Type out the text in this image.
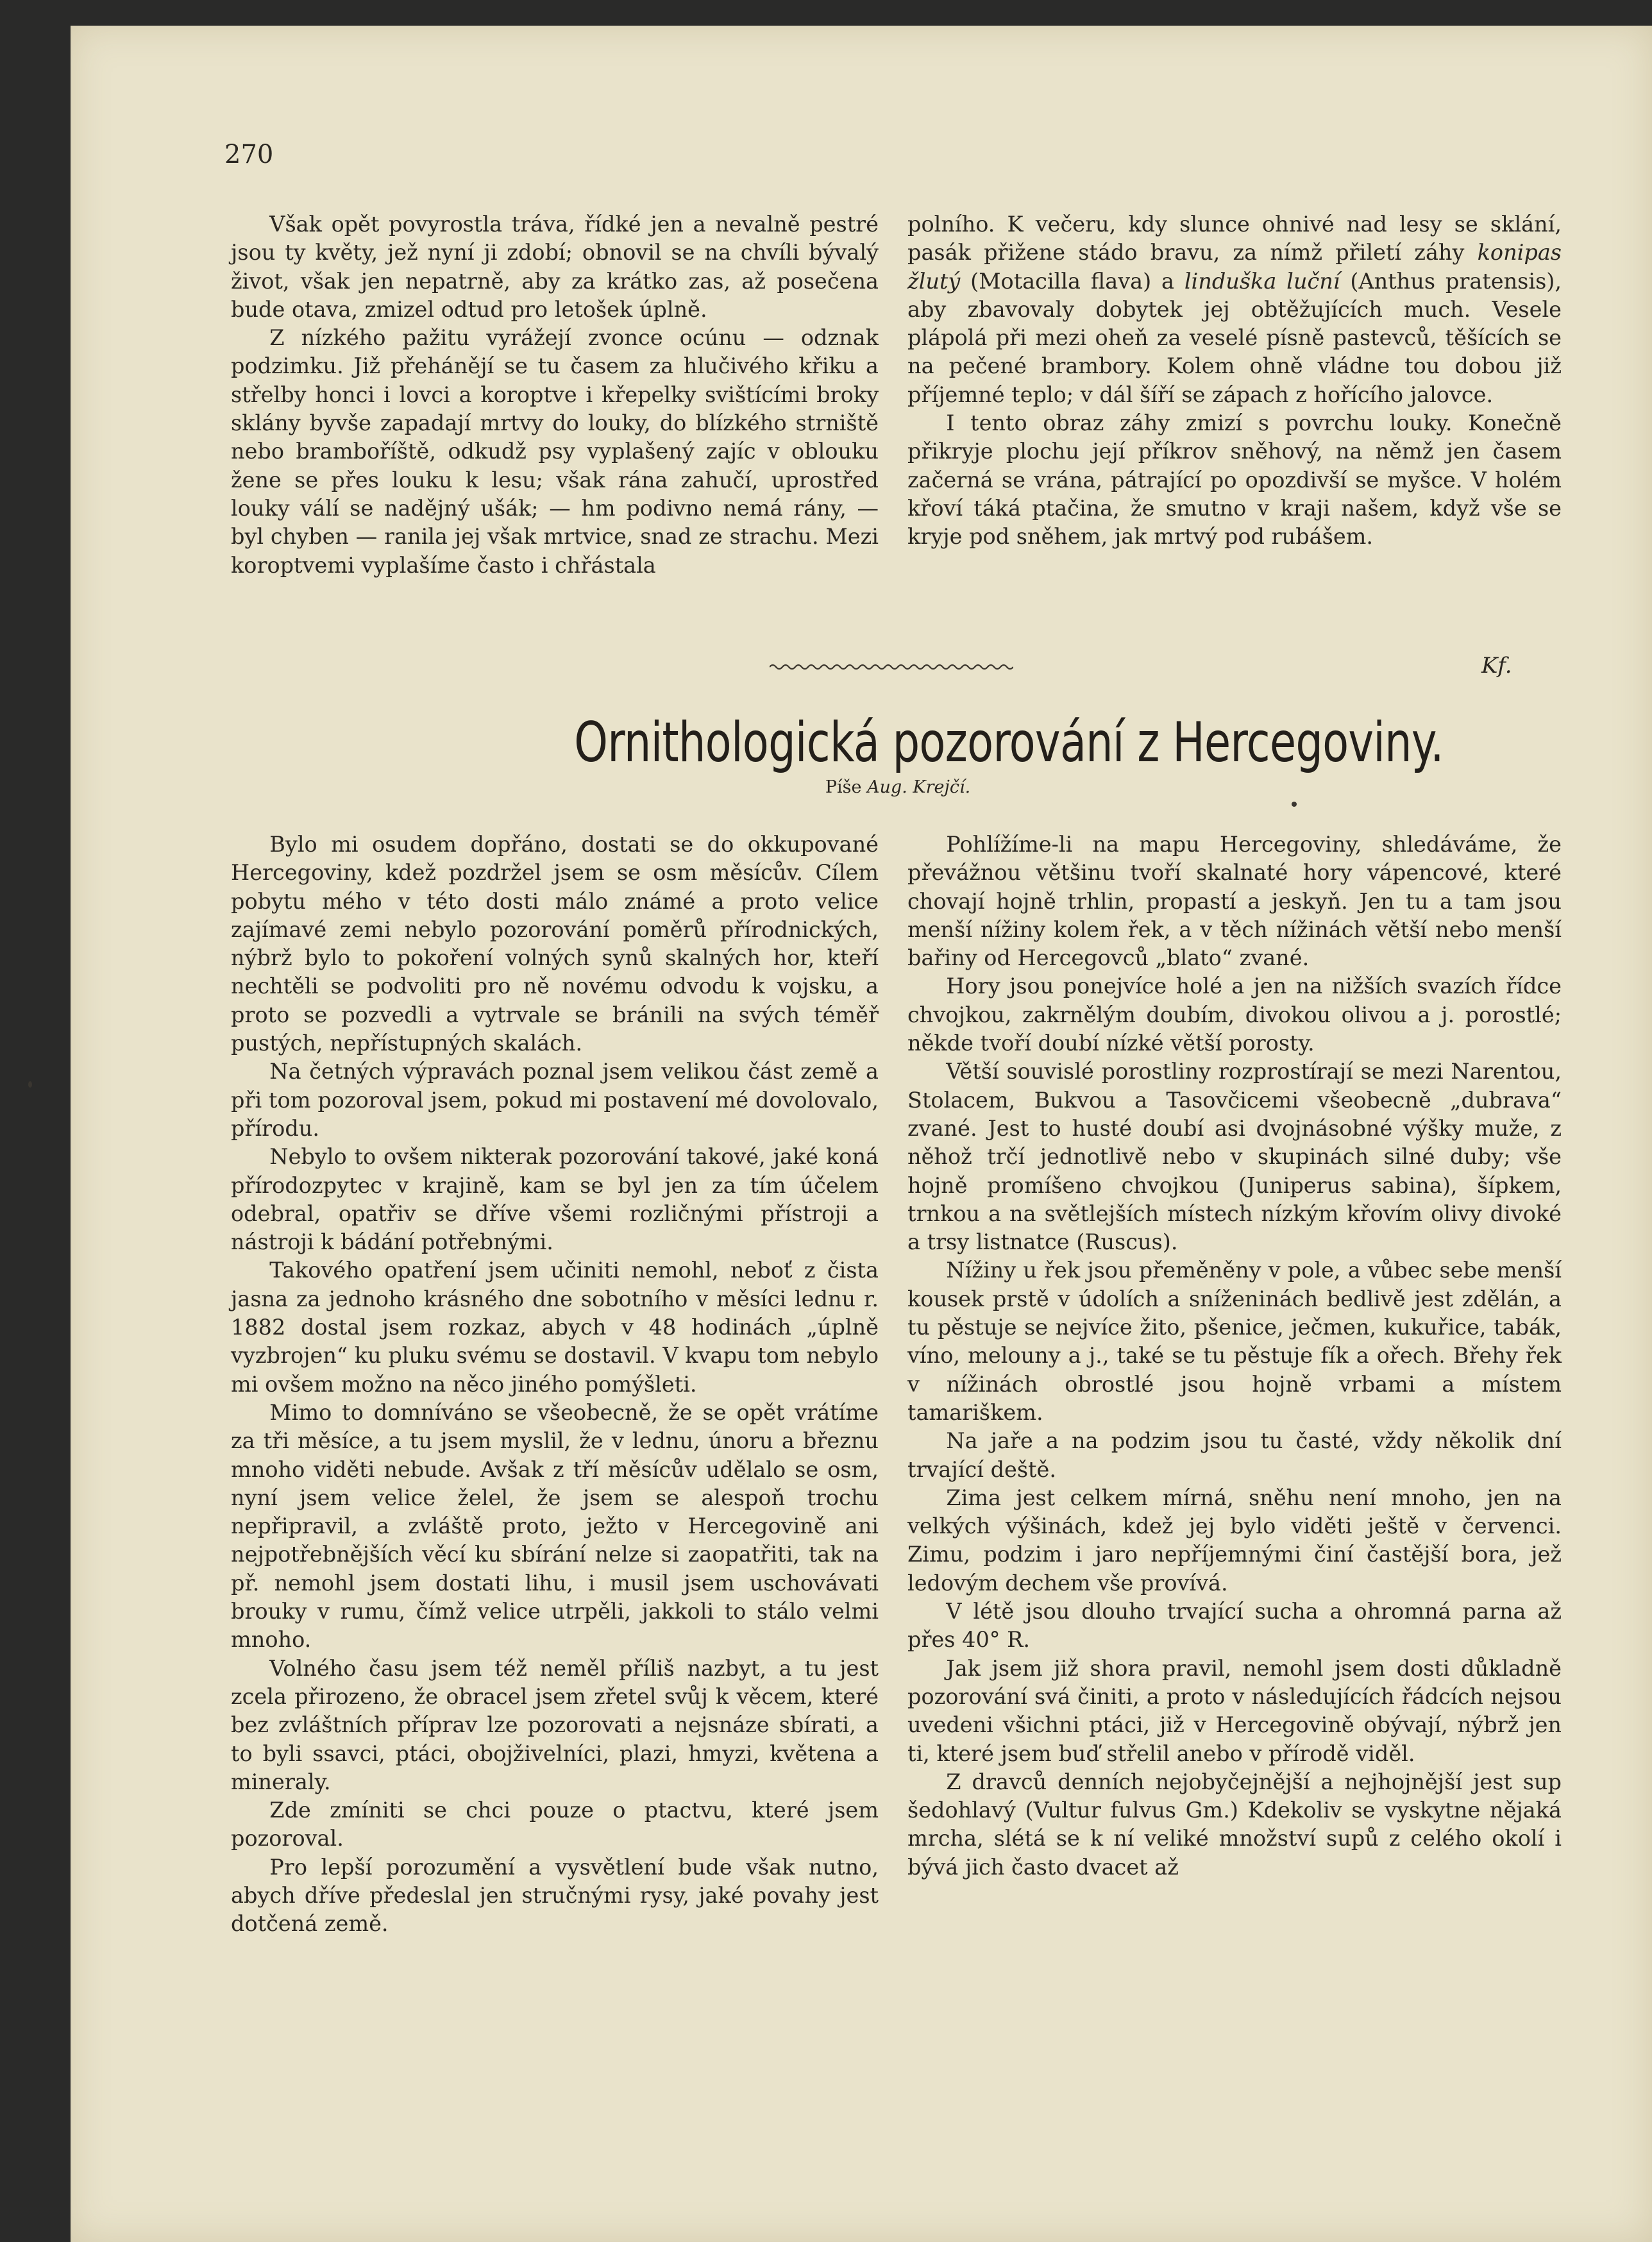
270

Však opět povyrostla tráva, řídké jen a nevalně pestré jsou ty květy, jež nyní ji zdobí; obnovil se na chvíli bývalý život, však jen nepatrně, aby za krátko zas, až posečena bude otava, zmizel odtud pro letošek úplně.

Z nízkého pažitu vyrážejí zvonce ocúnu — odznak podzimku. Již přehánějí se tu časem za hlučivého křiku a střelby honci i lovci a koroptve i křepelky svištícími broky sklány byvše zapadají mrtvy do louky, do blízkého strniště nebo bramboříště, odkudž psy vyplašený zajíc v oblouku žene se přes louku k lesu; však rána zahučí, uprostřed louky válí se nadějný ušák; — hm podivno nemá rány, — byl chyben — ranila jej však mrtvice, snad ze strachu. Mezi koroptvemi vyplašíme často i chřástala

polního. K večeru, kdy slunce ohnivé nad lesy se sklání, pasák přižene stádo bravu, za nímž přiletí záhy konipas žlutý (Motacilla flava) a linduška luční (Anthus pratensis), aby zbavovaly dobytek jej obtěžujících much. Vesele plápolá při mezi oheň za veselé písně pastevců, těšících se na pečené brambory. Kolem ohně vládne tou dobou již příjemné teplo; v dál šíří se zápach z hořícího jalovce.

I tento obraz záhy zmizí s povrchu louky. Konečně přikryje plochu její příkrov sněhový, na němž jen časem začerná se vrána, pátrající po opozdivší se myšce. V holém křoví táká ptačina, že smutno v kraji našem, když vše se kryje pod sněhem, jak mrtvý pod rubášem.

Kf.
Ornithologická pozorování z Hercegoviny.
Píše Aug. Krejčí.

Bylo mi osudem dopřáno, dostati se do okkupované Hercegoviny, kdež pozdržel jsem se osm měsícův. Cílem pobytu mého v této dosti málo známé a proto velice zajímavé zemi nebylo pozorování poměrů přírodnických, nýbrž bylo to pokoření volných synů skalných hor, kteří nechtěli se podvoliti pro ně novému odvodu k vojsku, a proto se pozvedli a vytrvale se bránili na svých téměř pustých, nepřístupných skalách.

Na četných výpravách poznal jsem velikou část země a při tom pozoroval jsem, pokud mi postavení mé dovolovalo, přírodu.

Nebylo to ovšem nikterak pozorování takové, jaké koná přírodozpytec v krajině, kam se byl jen za tím účelem odebral, opatřiv se dříve všemi rozličnými přístroji a nástroji k bádání potřebnými.

Takového opatření jsem učiniti nemohl, neboť z čista jasna za jednoho krásného dne sobotního v měsíci lednu r. 1882 dostal jsem rozkaz, abych v 48 hodinách „úplně vyzbrojen“ ku pluku svému se dostavil. V kvapu tom nebylo mi ovšem možno na něco jiného pomýšleti.

Mimo to domníváno se všeobecně, že se opět vrátíme za tři měsíce, a tu jsem myslil, že v lednu, únoru a březnu mnoho viděti nebude. Avšak z tří měsícův udělalo se osm, nyní jsem velice želel, že jsem se alespoň trochu nepřipravil, a zvláště proto, ježto v Hercegovině ani nejpotřebnějších věcí ku sbírání nelze si zaopatřiti, tak na př. nemohl jsem dostati lihu, i musil jsem uschovávati brouky v rumu, čímž velice utrpěli, jakkoli to stálo velmi mnoho.

Volného času jsem též neměl příliš nazbyt, a tu jest zcela přirozeno, že obracel jsem zřetel svůj k věcem, které bez zvláštních příprav lze pozorovati a nejsnáze sbírati, a to byli ssavci, ptáci, obojživelníci, plazi, hmyzi, květena a mineraly.

Zde zmíniti se chci pouze o ptactvu, které jsem pozoroval.

Pro lepší porozumění a vysvětlení bude však nutno, abych dříve předeslal jen stručnými rysy, jaké povahy jest dotčená země.

Pohlížíme-li na mapu Hercegoviny, shledáváme, že převážnou většinu tvoří skalnaté hory vápencové, které chovají hojně trhlin, propastí a jeskyň. Jen tu a tam jsou menší nížiny kolem řek, a v těch nížinách větší nebo menší bařiny od Hercegovců „blato“ zvané.

Hory jsou ponejvíce holé a jen na nižších svazích řídce chvojkou, zakrnělým doubím, divokou olivou a j. porostlé; někde tvoří doubí nízké větší porosty.

Větší souvislé porostliny rozprostírají se mezi Narentou, Stolacem, Bukvou a Tasovčicemi všeobecně „dubrava“ zvané. Jest to husté doubí asi dvojnásobné výšky muže, z něhož trčí jednotlivě nebo v skupinách silné duby; vše hojně promíšeno chvojkou (Juniperus sabina), šípkem, trnkou a na světlejších místech nízkým křovím olivy divoké a trsy listnatce (Ruscus).

Nížiny u řek jsou přeměněny v pole, a vůbec sebe menší kousek prstě v údolích a sníženinách bedlivě jest zdělán, a tu pěstuje se nejvíce žito, pšenice, ječmen, kukuřice, tabák, víno, melouny a j., také se tu pěstuje fík a ořech. Břehy řek v nížinách obrostlé jsou hojně vrbami a místem tamariškem.

Na jaře a na podzim jsou tu časté, vždy několik dní trvající deště.

Zima jest celkem mírná, sněhu není mnoho, jen na velkých výšinách, kdež jej bylo viděti ještě v červenci. Zimu, podzim i jaro nepříjemnými činí častější bora, jež ledovým dechem vše provívá.

V létě jsou dlouho trvající sucha a ohromná parna až přes 40° R.

Jak jsem již shora pravil, nemohl jsem dosti důkladně pozorování svá činiti, a proto v následujících řádcích nejsou uvedeni všichni ptáci, již v Hercegovině obývají, nýbrž jen ti, které jsem buď střelil anebo v přírodě viděl.

Z dravců denních nejobyčejnější a nejhojnější jest sup šedohlavý (Vultur fulvus Gm.) Kdekoliv se vyskytne nějaká mrcha, slétá se k ní veliké množství supů z celého okolí i bývá jich často dvacet až
